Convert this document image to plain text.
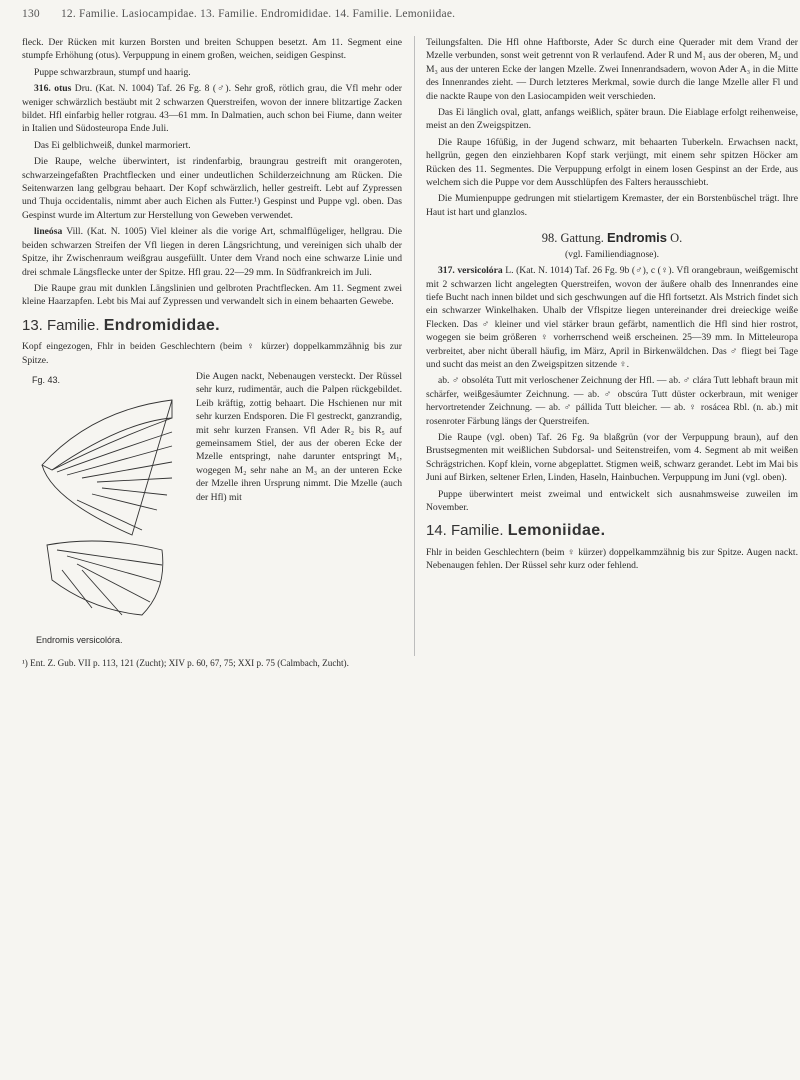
130 12. Familie. Lasiocampidae. 13. Familie. Endromididae. 14. Familie. Lemoniidae.

fleck. Der Rücken mit kurzen Borsten und breiten Schuppen besetzt. Am 11. Segment eine stumpfe Erhöhung (otus). Verpuppung in einem großen, weichen, seidigen Gespinst.

Puppe schwarzbraun, stumpf und haarig.

316. otus Dru. (Kat. N. 1004) Taf. 26 Fg. 8 (♂). Sehr groß, rötlich grau, die Vfl mehr oder weniger schwärzlich bestäubt mit 2 schwarzen Querstreifen, wovon der innere blitzartige Zacken bildet. Hfl einfarbig heller rotgrau. 43—61 mm. In Dalmatien, auch schon bei Fiume, dann weiter in Italien und Südosteuropa Ende Juli.

Das Ei gelblichweiß, dunkel marmoriert.

Die Raupe, welche überwintert, ist rindenfarbig, braungrau gestreift mit orangeroten, schwarzeingefaßten Prachtflecken und einer undeutlichen Schilderzeichnung am Rücken. Die Seitenwarzen lang gelbgrau behaart. Der Kopf schwärzlich, heller gestreift. Lebt auf Zypressen und Thuja occidentalis, nimmt aber auch Eichen als Futter.¹) Gespinst und Puppe vgl. oben. Das Gespinst wurde im Altertum zur Herstellung von Geweben verwendet.

lineósa Vill. (Kat. N. 1005) Viel kleiner als die vorige Art, schmalflügeliger, hellgrau. Die beiden schwarzen Streifen der Vfl liegen in deren Längsrichtung, und vereinigen sich uhalb der Spitze, ihr Zwischenraum weißgrau ausgefüllt. Unter dem Vrand noch eine schwarze Linie und drei schmale Längsflecke unter der Spitze. Hfl grau. 22—29 mm. In Südfrankreich im Juli.

Die Raupe grau mit dunklen Längslinien und gelbroten Prachtflecken. Am 11. Segment zwei kleine Haarzapfen. Lebt bis Mai auf Zypressen und verwandelt sich in einem behaarten Gewebe.

13. Familie. Endromididae.

Kopf eingezogen, Fhlr in beiden Geschlechtern (beim ♀ kürzer) doppelkammzähnig bis zur Spitze.

Fg. 43.
Endromis versicolóra.

Die Augen nackt, Nebenaugen versteckt. Der Rüssel sehr kurz, rudimentär, auch die Palpen rückgebildet. Leib kräftig, zottig behaart. Die Hschienen nur mit sehr kurzen Endsporen. Die Fl gestreckt, ganzrandig, mit sehr kurzen Fransen. Vfl Ader R₂ bis R₅ auf gemeinsamem Stiel, der aus der oberen Ecke der Mzelle entspringt, nahe darunter entspringt M₁, wogegen M₂ sehr nahe an M₃ an der unteren Ecke der Mzelle ihren Ursprung nimmt. Die Mzelle (auch der Hfl) mit

¹) Ent. Z. Gub. VII p. 113, 121 (Zucht); XIV p. 60, 67, 75; XXI p. 75 (Calmbach, Zucht).

Teilungsfalten. Die Hfl ohne Haftborste, Ader Sc durch eine Querader mit dem Vrand der Mzelle verbunden, sonst weit getrennt von R verlaufend. Ader R und M₁ aus der oberen, M₂ und M₃ aus der unteren Ecke der langen Mzelle. Zwei Innenrandsadern, wovon Ader A₃ in die Mitte des Innenrandes zieht. — Durch letzteres Merkmal, sowie durch die lange Mzelle aller Fl und die nackte Raupe von den Lasiocampiden weit verschieden.

Das Ei länglich oval, glatt, anfangs weißlich, später braun. Die Eiablage erfolgt reihenweise, meist an den Zweigspitzen.

Die Raupe 16füßig, in der Jugend schwarz, mit behaarten Tuberkeln. Erwachsen nackt, hellgrün, gegen den einziehbaren Kopf stark verjüngt, mit einem sehr spitzen Höcker am Rücken des 11. Segmentes. Die Verpuppung erfolgt in einem losen Gespinst an der Erde, aus welchem sich die Puppe vor dem Ausschlüpfen des Falters herausschiebt.

Die Mumienpuppe gedrungen mit stielartigem Kremaster, der ein Borstenbüschel trägt. Ihre Haut ist hart und glanzlos.

98. Gattung. Endromis O.

(vgl. Familiendiagnose).

317. versicolóra L. (Kat. N. 1014) Taf. 26 Fg. 9b (♂), c (♀). Vfl orangebraun, weißgemischt mit 2 schwarzen licht angelegten Querstreifen, wovon der äußere ohalb des Innenrandes eine tiefe Bucht nach innen bildet und sich geschwungen auf die Hfl fortsetzt. Als Mstrich findet sich ein schwarzer Winkelhaken. Uhalb der Vflspitze liegen untereinander drei dreieckige weiße Flecken. Das ♂ kleiner und viel stärker braun gefärbt, namentlich die Hfl sind hier rostrot, wogegen sie beim größeren ♀ vorherrschend weiß erscheinen. 25—39 mm. In Mitteleuropa verbreitet, aber nicht überall häufig, im März, April in Birkenwäldchen. Das ♂ fliegt bei Tage und sucht das meist an den Zweigspitzen sitzende ♀.

ab. ♂ obsoléta Tutt mit verloschener Zeichnung der Hfl. — ab. ♂ clára Tutt lebhaft braun mit schärfer, weißgesäumter Zeichnung. — ab. ♂ obscúra Tutt düster ockerbraun, mit weniger hervortretender Zeichnung. — ab. ♂ pállida Tutt bleicher. — ab. ♀ rosácea Rbl. (n. ab.) mit rosenroter Färbung längs der Querstreifen.

Die Raupe (vgl. oben) Taf. 26 Fg. 9a blaßgrün (vor der Verpuppung braun), auf den Brustsegmenten mit weißlichen Subdorsal- und Seitenstreifen, vom 4. Segment ab mit weißen Schrägstrichen. Kopf klein, vorne abgeplattet. Stigmen weiß, schwarz gerandet. Lebt im Mai bis Juni auf Birken, seltener Erlen, Linden, Haseln, Hainbuchen. Verpuppung im Juni (vgl. oben).

Puppe überwintert meist zweimal und entwickelt sich ausnahmsweise zuweilen im November.

14. Familie. Lemoniidae.

Fhlr in beiden Geschlechtern (beim ♀ kürzer) doppelkammzähnig bis zur Spitze. Augen nackt. Nebenaugen fehlen. Der Rüssel sehr kurz oder fehlend.
